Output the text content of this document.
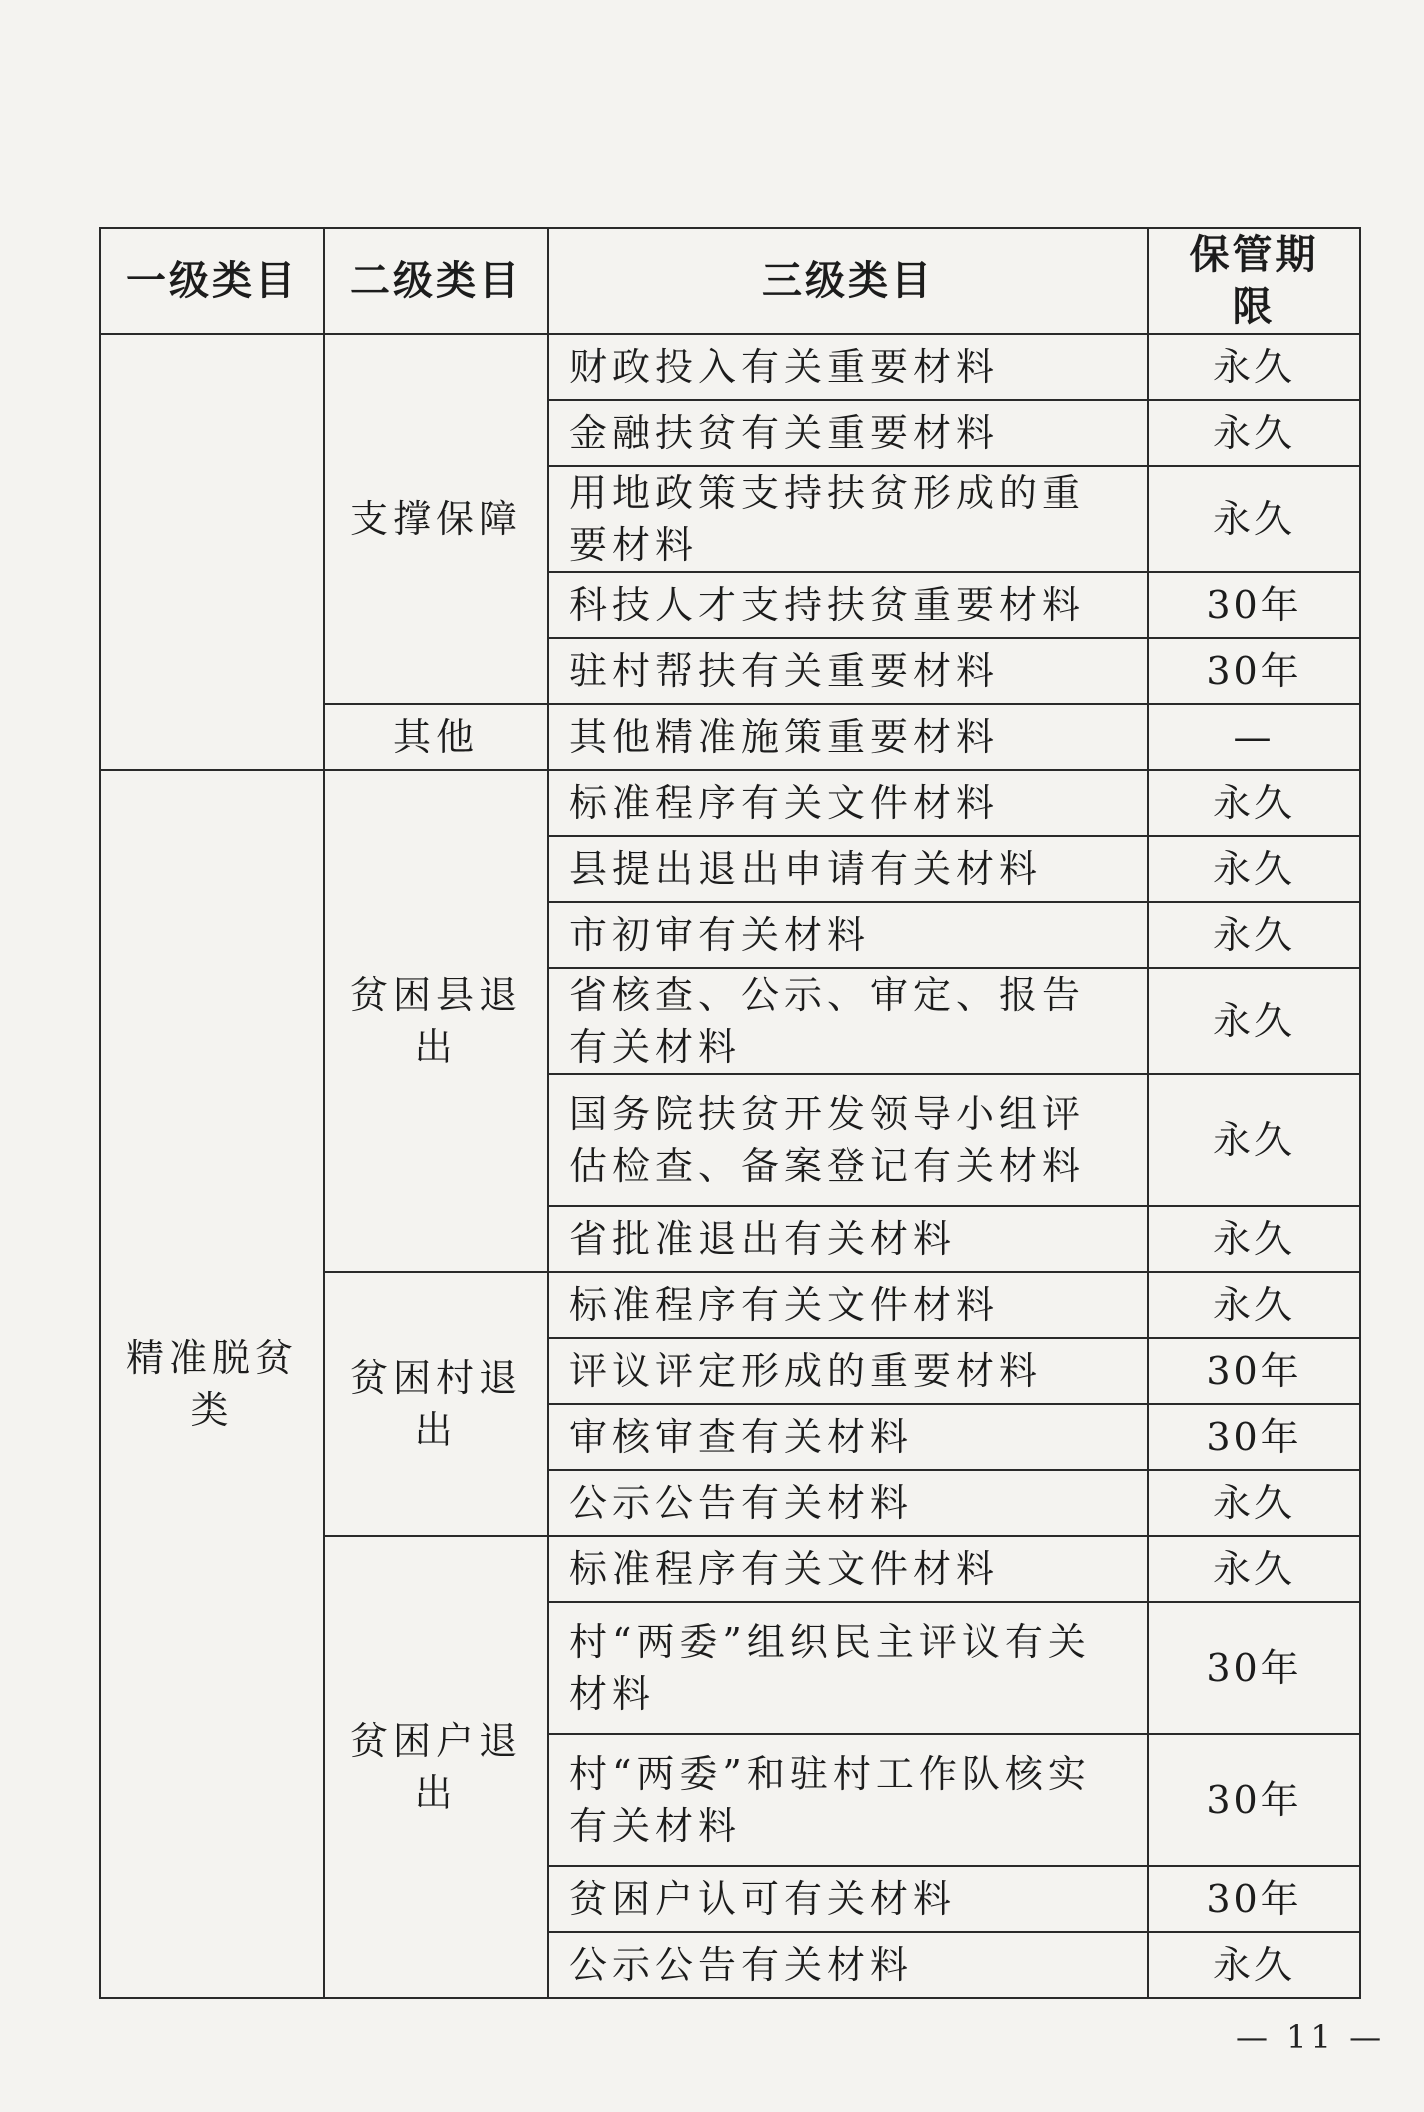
一级类目	二级类目	三级类目	保管期限
	支撑保障	财政投入有关重要材料	永久
		金融扶贫有关重要材料	永久
		用地政策支持扶贫形成的重要材料	永久
		科技人才支持扶贫重要材料	30年
		驻村帮扶有关重要材料	30年
	其他	其他精准施策重要材料	—
精准脱贫类	贫困县退出	标准程序有关文件材料	永久
		县提出退出申请有关材料	永久
		市初审有关材料	永久
		省核查、公示、审定、报告有关材料	永久
		国务院扶贫开发领导小组评估检查、备案登记有关材料	永久
		省批准退出有关材料	永久
	贫困村退出	标准程序有关文件材料	永久
		评议评定形成的重要材料	30年
		审核审查有关材料	30年
		公示公告有关材料	永久
	贫困户退出	标准程序有关文件材料	永久
		村“两委”组织民主评议有关材料	30年
		村“两委”和驻村工作队核实有关材料	30年
		贫困户认可有关材料	30年
		公示公告有关材料	永久
— 11 —
